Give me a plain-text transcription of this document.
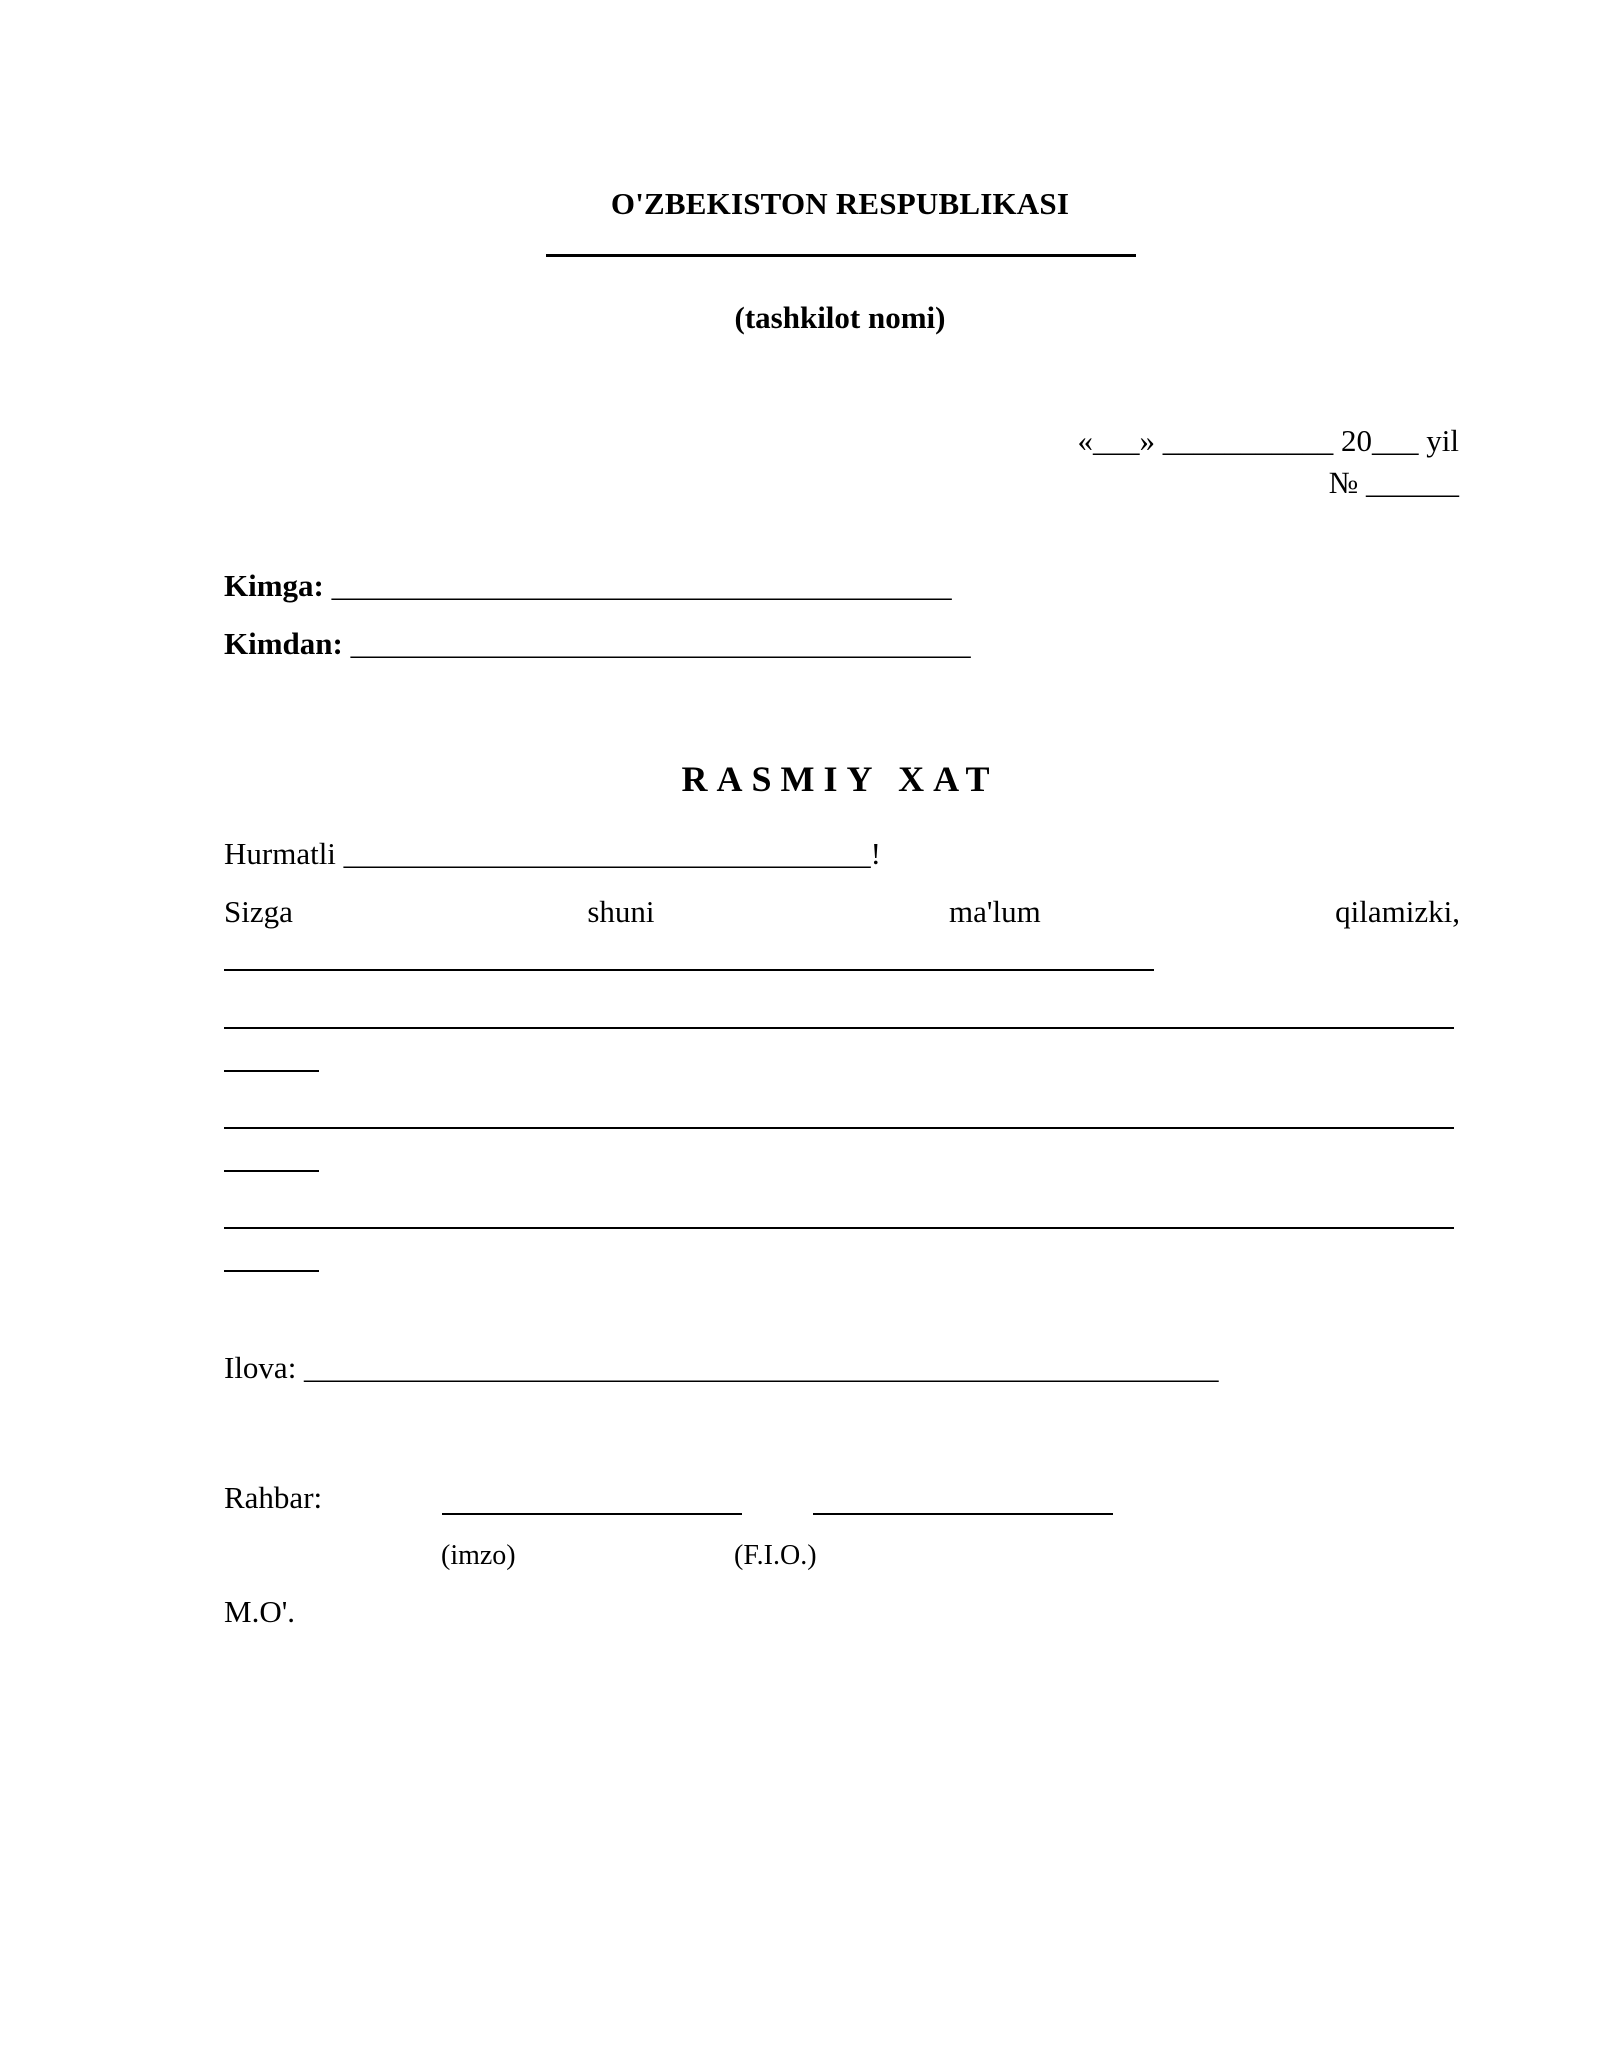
O'ZBEKISTON RESPUBLIKASI
(tashkilot nomi)
«___» ___________ 20___ yil
№ ______
Kimga: ________________________________________
Kimdan: ________________________________________
RASMIY XAT
Hurmatli __________________________________!
Sizga	shuni	ma'lum	qilamizki,
Ilova: ___________________________________________________________
Rahbar:
(imzo)	(F.I.O.)
M.O'.
